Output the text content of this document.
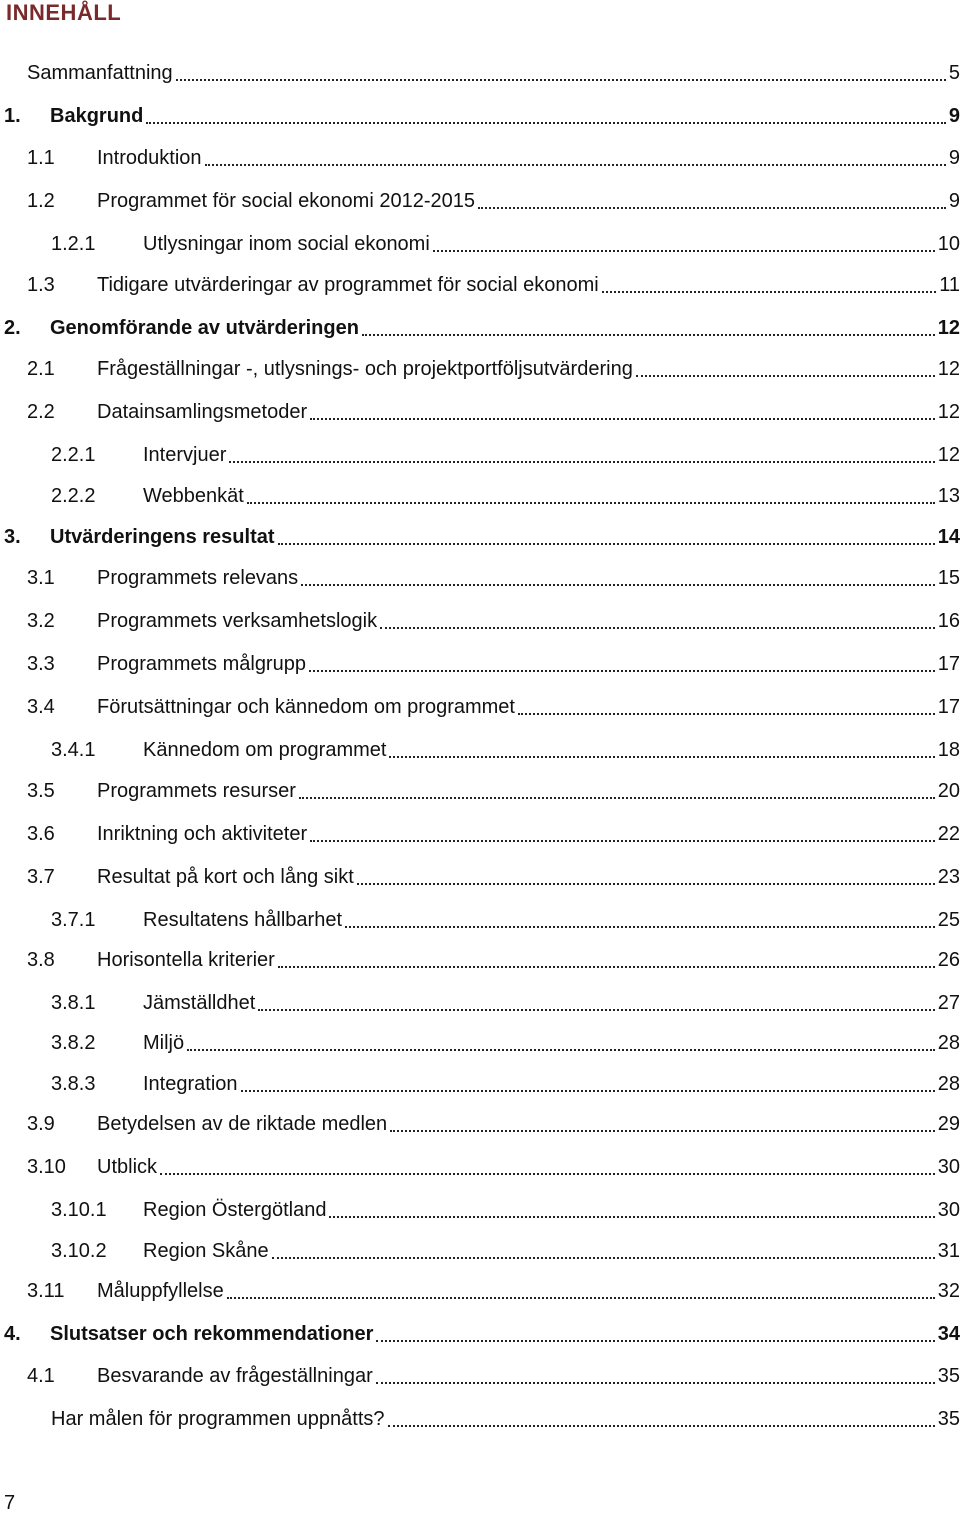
INNEHÅLL
Sammanfattning	5
1.	Bakgrund	9
1.1	Introduktion	9
1.2	Programmet för social ekonomi 2012-2015	9
1.2.1	Utlysningar inom social ekonomi	10
1.3	Tidigare utvärderingar av programmet för social ekonomi	11
2.	Genomförande av utvärderingen	12
2.1	Frågeställningar -, utlysnings- och projektportföljsutvärdering	12
2.2	Datainsamlingsmetoder	12
2.2.1	Intervjuer	12
2.2.2	Webbenkät	13
3.	Utvärderingens resultat	14
3.1	Programmets relevans	15
3.2	Programmets verksamhetslogik	16
3.3	Programmets målgrupp	17
3.4	Förutsättningar och kännedom om programmet	17
3.4.1	Kännedom om programmet	18
3.5	Programmets resurser	20
3.6	Inriktning och aktiviteter	22
3.7	Resultat på kort och lång sikt	23
3.7.1	Resultatens hållbarhet	25
3.8	Horisontella kriterier	26
3.8.1	Jämställdhet	27
3.8.2	Miljö	28
3.8.3	Integration	28
3.9	Betydelsen av de riktade medlen	29
3.10	Utblick	30
3.10.1	Region Östergötland	30
3.10.2	Region Skåne	31
3.11	Måluppfyllelse	32
4.	Slutsatser och rekommendationer	34
4.1	Besvarande av frågeställningar	35
Har målen för programmen uppnåtts?	35
7
